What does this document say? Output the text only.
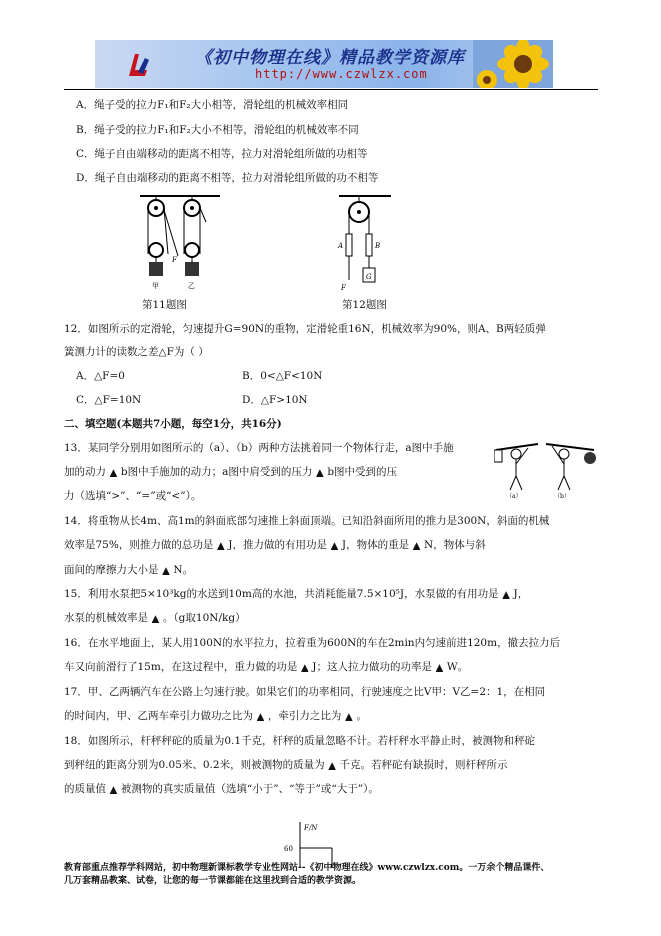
《初中物理在线》精品教学资源库
http://www.czwlzx.com
A．绳子受的拉力F₁和F₂大小相等，滑轮组的机械效率相同
B．绳子受的拉力F₁和F₂大小不相等，滑轮组的机械效率不同
C．绳子自由端移动的距离不相等，拉力对滑轮组所做的功相等
D．绳子自由端移动的距离不相等，拉力对滑轮组所做的功不相等
F
甲	乙
第11题图
A	B
G
F
第12题图
12．如图所示的定滑轮，匀速提升G=90N的重物，定滑轮重16N，机械效率为90%，则A、B两轻质弹
簧测力计的读数之差△F为（ ）
A．△F=0	B．0<△F<10N
C．△F=10N	D．△F>10N
二、填空题(本题共7小题，每空1分，共16分)
13．某同学分别用如图所示的（a）、（b）两种方法挑着同一个物体行走，a图中手施
加的动力 ▲ b图中手施加的动力；a图中肩受到的压力 ▲ b图中受到的压
力（选填“>”、“=”或“<”）。	（a）	（b）
14．将重物从长4m、高1m的斜面底部匀速推上斜面顶端。已知沿斜面所用的推力是300N，斜面的机械
效率是75%，则推力做的总功是 ▲ J，推力做的有用功是 ▲ J，物体的重是 ▲ N，物体与斜
面间的摩擦力大小是 ▲ N。
15．利用水泵把5×10³kg的水送到10m高的水池，共消耗能量7.5×10⁵J，水泵做的有用功是 ▲ J，
水泵的机械效率是 ▲ 。（g取10N/kg）
16．在水平地面上，某人用100N的水平拉力，拉着重为600N的车在2min内匀速前进120m，撤去拉力后
车又向前滑行了15m，在这过程中，重力做的功是 ▲ J；这人拉力做功的功率是 ▲ W。
17．甲、乙两辆汽车在公路上匀速行驶。如果它们的功率相同，行驶速度之比V甲：V乙=2：1，在相同
的时间内，甲、乙两车牵引力做功之比为 ▲ ，牵引力之比为 ▲ 。
18．如图所示，杆秤秤砣的质量为0.1千克，杆秤的质量忽略不计。若杆秤水平静止时，被测物和秤砣
到秤纽的距离分别为0.05米、0.2米，则被测物的质量为 ▲ 千克。若秤砣有缺损时，则杆秤所示
的质量值 ▲ 被测物的真实质量值（选填“小于”、“等于”或“大于”）。
F/N
60
教育部重点推荐学科网站，初中物理新课标教学专业性网站--《初中物理在线》www.czwlzx.com。一万余个精品课件、
几万套精品教案、试卷，让您的每一节课都能在这里找到合适的教学资源。
